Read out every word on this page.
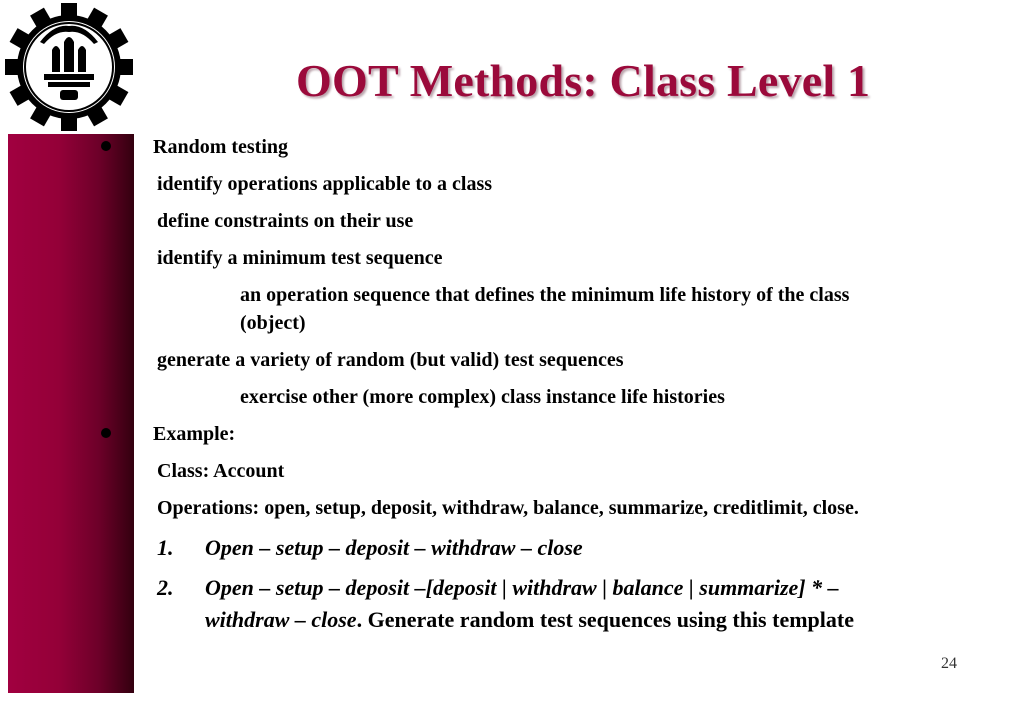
OOT Methods: Class Level 1
Random testing
identify operations applicable to a class
define constraints on their use
identify a minimum test sequence
an operation sequence that defines the minimum life history of the class
(object)
generate a variety of random (but valid) test sequences
exercise other (more complex) class instance life histories
Example:
Class: Account
Operations: open, setup, deposit, withdraw, balance, summarize, creditlimit, close.
1. Open – setup – deposit – withdraw – close
2. Open – setup – deposit –[deposit | withdraw | balance | summarize] * –
withdraw – close. Generate random test sequences using this template
24
